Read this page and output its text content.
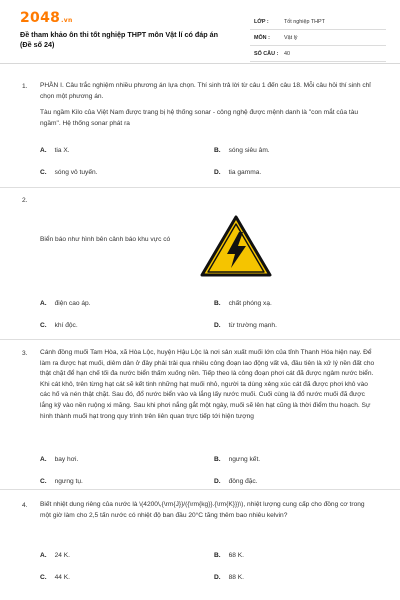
2048.vn
Đề tham khảo ôn thi tốt nghiệp THPT môn Vật lí có đáp án (Đề số 24)
LỚP :	Tốt nghiệp THPT
MÔN :	Vật lý
SỐ CÂU : 40
1. PHẦN I. Câu trắc nghiệm nhiều phương án lựa chọn. Thí sinh trả lời từ câu 1 đến câu 18. Mỗi câu hỏi thí sinh chỉ chọn một phương án.
Tàu ngầm Kilo của Việt Nam được trang bị hệ thống sonar - công nghệ được mệnh danh là "con mắt của tàu ngầm". Hệ thống sonar phát ra
A. tia X.	B. sóng siêu âm.
C. sóng vô tuyến.	D. tia gamma.
2.
Biển báo như hình bên cảnh báo khu vực có
A. điện cao áp.	B. chất phóng xạ.
C. khí độc.	D. từ trường mạnh.
3. Cánh đồng muối Tam Hòa, xã Hòa Lộc, huyện Hậu Lộc là nơi sản xuất muối lớn của tỉnh Thanh Hóa hiện nay. Để làm ra được hạt muối, diêm dân ở đây phải trải qua nhiều công đoạn lao động vất vả, đầu tiên là xử lý nền đất cho thật chặt để hạn chế tối đa nước biển thấm xuống nền. Tiếp theo là công đoạn phơi cát đã được ngâm nước biển. Khi cát khô, trên từng hạt cát sẽ kết tinh những hạt muối nhỏ, người ta dùng xẻng xúc cát đã được phơi khô vào các hố và nén thật chặt. Sau đó, đổ nước biển vào và lắng lấy nước muối. Cuối cùng là đổ nước muối đã được lắng kỹ vào nền ruộng xi măng. Sau khi phơi nắng gắt một ngày, muối sẽ lên hạt cũng là thời điểm thu hoạch. Sự hình thành muối hạt trong quy trình trên liên quan trực tiếp tới hiện tượng
A. bay hơi.	B. ngưng kết.
C. ngưng tụ.	D. đông đặc.
4. Biết nhiệt dung riêng của nước là \(4200\,{\rm{J}}/({\rm{kg}}.{\rm{K}})\), nhiệt lượng cung cấp cho đồng cơ trong một giờ làm cho 2,5 tấn nước có nhiệt độ ban đầu 20°C tăng thêm bao nhiêu kelvin?
A. 24 K.	B. 68 K.
C. 44 K.	D. 88 K.
